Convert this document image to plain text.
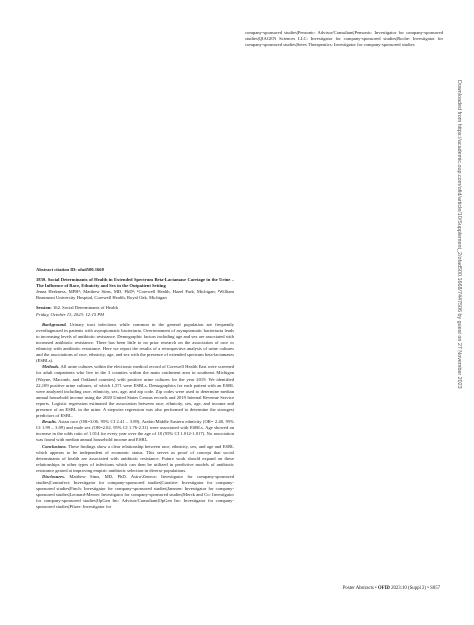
company-sponsored studies|Pensonic: Advisor/Consultant|Pensonic: Investigator for company-sponsored studies|QIAGEN Sciences LLC: Investigator for company-sponsored studies|Roche: Investigator for company-sponsored studies|Seres Therapeutics: Investigator for company-sponsored studies

Abstract citation ID: ofad500.1668

1839. Social Determinants of Health in Extended Spectrum Beta-Lactamase Carriage in the Urine – The Influence of Race, Ethnicity and Sex in the Outpatient Setting

Jenna Herkness, MPH¹; Matthew Sims, MD, PhD²; ¹Corewell Health, Hazel Park, Michigan; ²William Beaumont University Hospital, Corewell Health, Royal Oak, Michigan

Session: 162. Social Determinants of Health

Friday, October 13, 2023: 12:15 PM

Background. Urinary tract infections while common in the general population are frequently overdiagnosed in patients with asymptomatic bacteriuria. Overtreatment of asymptomatic bacteriuria leads to increasing levels of antibiotic resistance. Demographic factors including age and sex are associated with increased antibiotic resistance. There has been little to no prior research on the association of race or ethnicity with antibiotic resistance. Here we report the results of a retrospective analysis of urine cultures and the associations of race, ethnicity, age, and sex with the presence of extended spectrum beta-lactamases (ESBLs).

Methods. All urine cultures within the electronic medical record of Corewell Health East were screened for adult outpatients who live in the 3 counties within the main catchment area in southeast Michigan (Wayne, Macomb, and Oakland counties) with positive urine cultures for the year 2019. We identified 22,109 positive urine cultures, of which 1,571 were ESBLs. Demographics for each patient with an ESBL were analyzed including race, ethnicity, sex, age, and zip code. Zip codes were used to determine median annual household income using the 2020 United States Census records and 2019 Internal Revenue Service reports. Logistic regression estimated the association between race, ethnicity, sex, age, and income and presence of an ESBL in the urine. A stepwise regression was also performed to determine the strongest predictors of ESBL.

Results. Asian race (OR=3.06, 95% CI 2.41 – 3.89), Arabic/Middle Eastern ethnicity (OR= 2.48, 95% CI 1.99 – 3.09) and male sex (OR=2.02, 95% CI 1.76-2.31) were associated with ESBLs. Age showed an increase in the odds ratio of 1.014 for every year over the age of 18 (95% CI 1.012-1.017). No association was found with median annual household income and ESBL.

Conclusions. These findings show a clear relationship between race, ethnicity, sex, and age and ESBL which appears to be independent of economic status. This serves as proof of concept that social determinants of health are associated with antibiotic resistance. Future work should expand on these relationships in other types of infections which can then be utilized in predictive models of antibiotic resistance geared at improving empiric antibiotic selection in diverse populations.

Disclosures. Matthew Sims, MD, PhD, Astra-Zeneca: Investigator for company-sponsored studies|Contrafect: Investigator for company-sponsored studies|Curative: Investigator for company-sponsored studies|Finch: Investigator for company-sponsored studies|Janssen: Investigator for company-sponsored studies|Leonard-Meron: Investigator for company-sponsored studies|Merck and Co: Investigator for company-sponsored studies|OpGen Inc: Advisor/Consultant|OpGen Inc: Investigator for company-sponsored studies|Pfizer: Investigator for

Poster Abstracts • OFID 2023:10 (Suppl 2) • S857
Downloaded from https://academic.oup.com/ofid/article/10/Supplement_2/ofad500.1668/7447506 by guest on 27 November 2023
